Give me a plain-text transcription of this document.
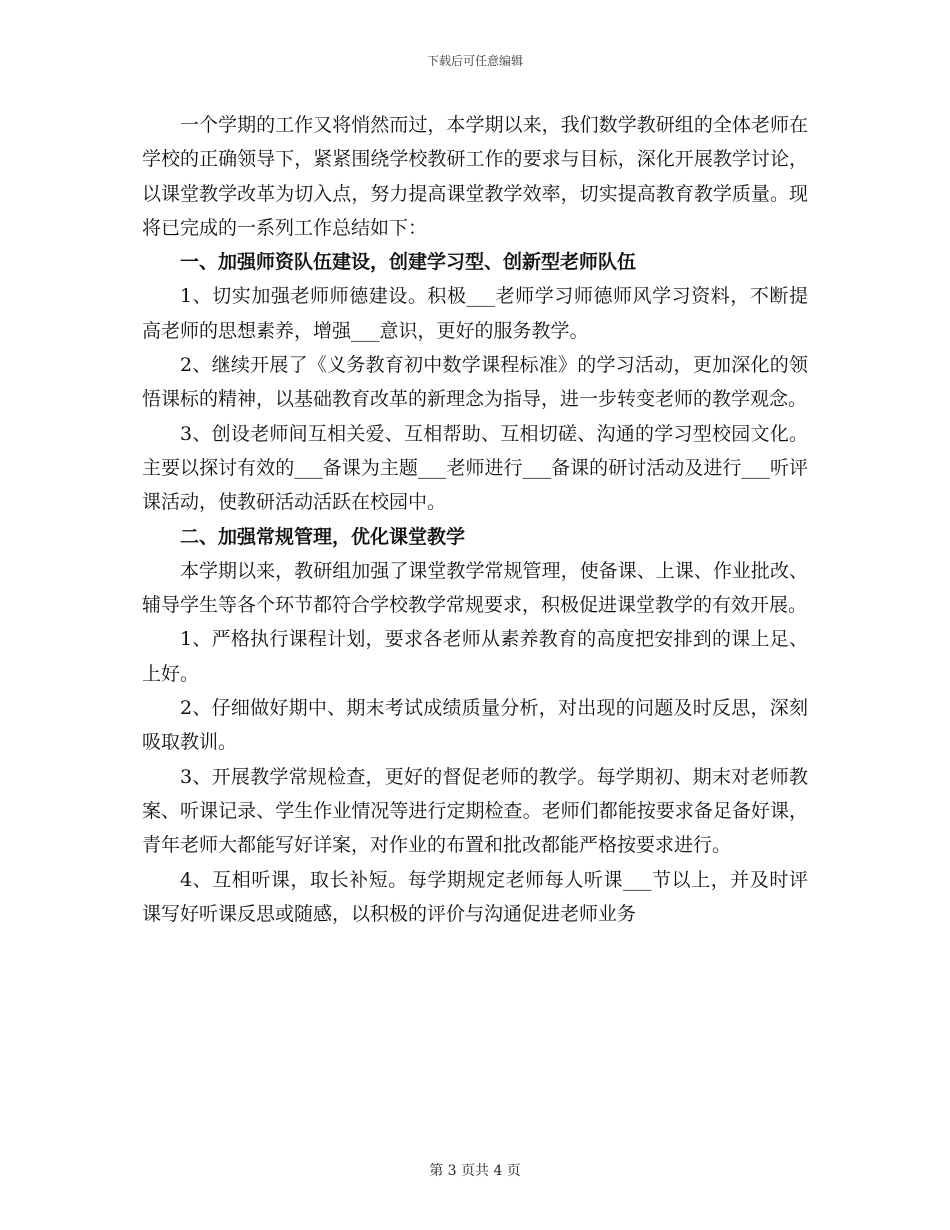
下载后可任意编辑

一个学期的工作又将悄然而过，本学期以来，我们数学教研组的全体老师在学校的正确领导下，紧紧围绕学校教研工作的要求与目标，深化开展教学讨论，以课堂教学改革为切入点，努力提高课堂教学效率，切实提高教育教学质量。现将已完成的一系列工作总结如下：

一、加强师资队伍建设，创建学习型、创新型老师队伍

1、切实加强老师师德建设。积极___老师学习师德师风学习资料，不断提高老师的思想素养，增强___意识，更好的服务教学。

2、继续开展了《义务教育初中数学课程标准》的学习活动，更加深化的领悟课标的精神，以基础教育改革的新理念为指导，进一步转变老师的教学观念。

3、创设老师间互相关爱、互相帮助、互相切磋、沟通的学习型校园文化。主要以探讨有效的___备课为主题___老师进行___备课的研讨活动及进行___听评课活动，使教研活动活跃在校园中。

二、加强常规管理，优化课堂教学

本学期以来，教研组加强了课堂教学常规管理，使备课、上课、作业批改、辅导学生等各个环节都符合学校教学常规要求，积极促进课堂教学的有效开展。

1、严格执行课程计划，要求各老师从素养教育的高度把安排到的课上足、上好。

2、仔细做好期中、期末考试成绩质量分析，对出现的问题及时反思，深刻吸取教训。

3、开展教学常规检查，更好的督促老师的教学。每学期初、期末对老师教案、听课记录、学生作业情况等进行定期检查。老师们都能按要求备足备好课，青年老师大都能写好详案，对作业的布置和批改都能严格按要求进行。

4、互相听课，取长补短。每学期规定老师每人听课___节以上，并及时评课写好听课反思或随感，以积极的评价与沟通促进老师业务

第 3 页共 4 页
